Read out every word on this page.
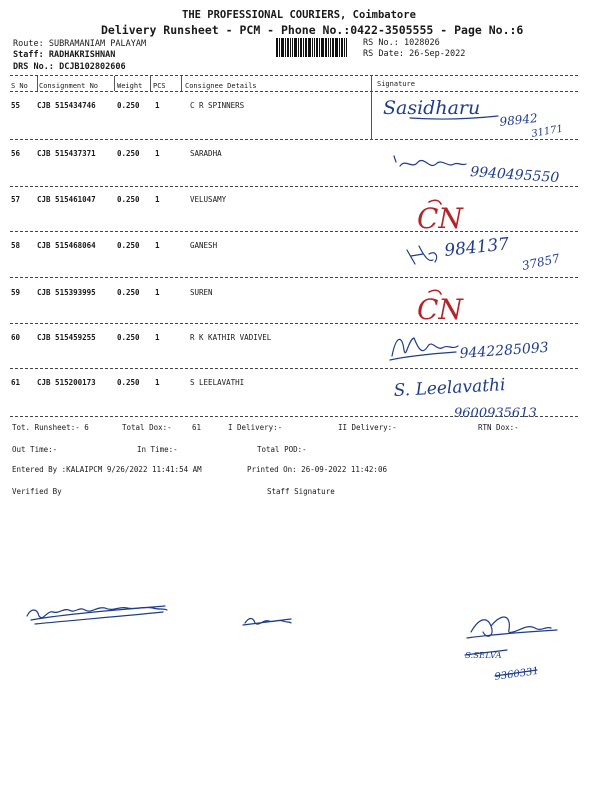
THE PROFESSIONAL COURIERS, Coimbatore
Delivery Runsheet - PCM - Phone No.:0422-3505555 - Page No.:6
Route: SUBRAMANIAM PALAYAM
Staff: RADHAKRISHNAN
DRS No.: DCJB102802606
RS No.: 1028026
RS Date: 26-Sep-2022
S No Consignment No	Weight PCS	Consignee Details	Signature
55 CJB 515434746	0.250 1	C R SPINNERS	Sasidharu
98942
31171
56 CJB 515437371	0.250 1	SARADHA
9940495550
57 CJB 515461047	0.250 1	VELUSAMY
CN
58 CJB 515468064	0.250 1	GANESH	984137
37857
59 CJB 515393995	0.250 1	SUREN
CN
60 CJB 515459255	0.250 1	R K KATHIR VADIVEL
9442285093
61 CJB 515200173	0.250 1	S LEELAVATHI	S. Leelavathi
9600935613
Tot. Runsheet:- 6	Total Dox:-	61	I Delivery:-	II Delivery:-	RTN Dox:-
Out Time:-	In Time:-	Total POD:-
Entered By :KALAIPCM 9/26/2022 11:41:54 AM	Printed On: 26-09-2022 11:42:06
Verified By	Staff Signature
S.SELVA
9360331
